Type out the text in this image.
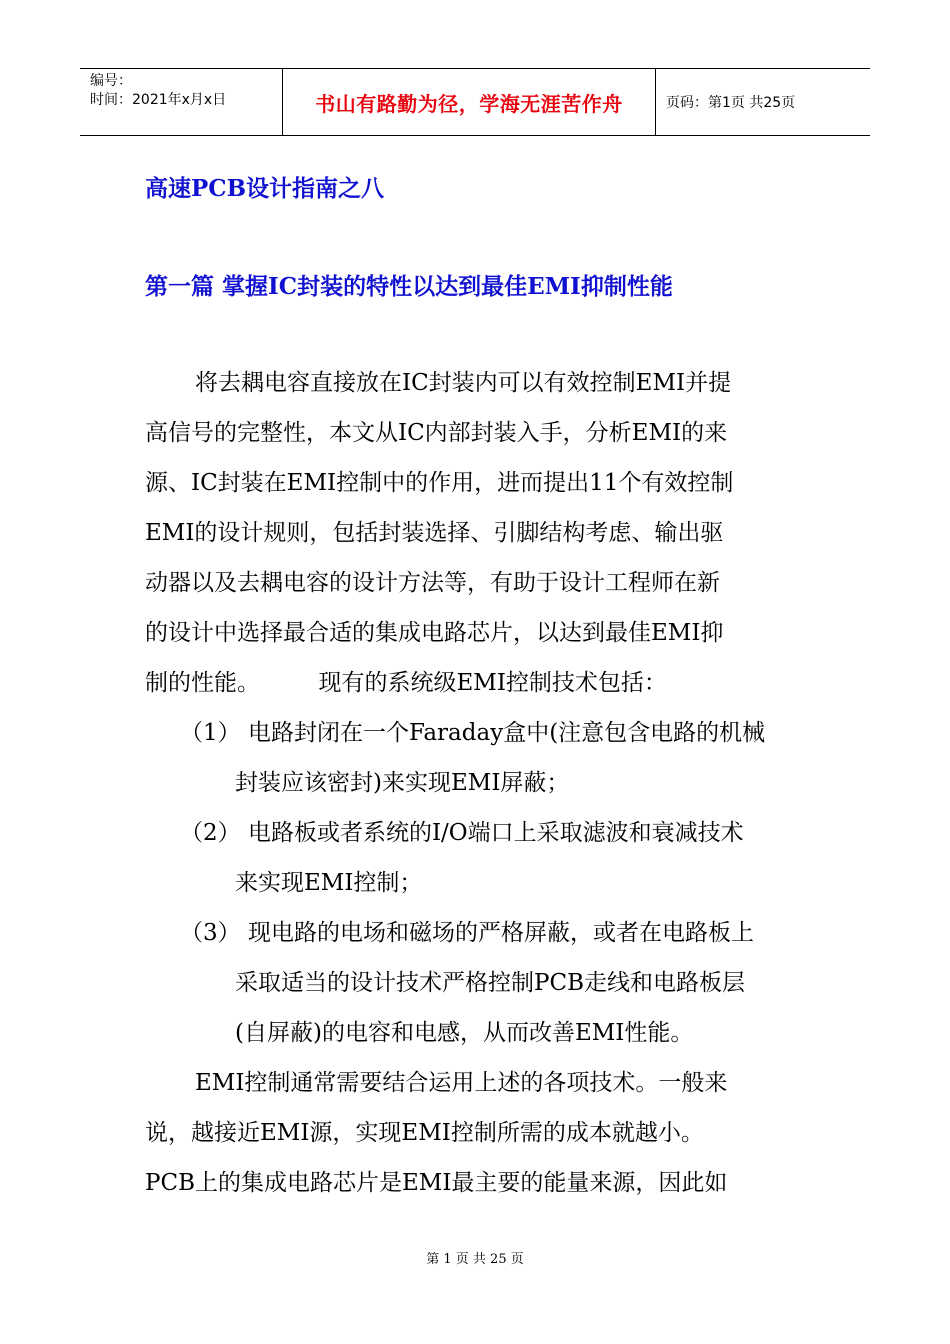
编号：
时间：2021年x月x日	书山有路勤为径，学海无涯苦作舟	页码：第1页 共25页
高速PCB设计指南之八
第一篇 掌握IC封装的特性以达到最佳EMI抑制性能
将去耦电容直接放在IC封装内可以有效控制EMI并提
高信号的完整性，本文从IC内部封装入手，分析EMI的来
源、IC封装在EMI控制中的作用，进而提出11个有效控制
EMI的设计规则，包括封装选择、引脚结构考虑、输出驱
动器以及去耦电容的设计方法等，有助于设计工程师在新
的设计中选择最合适的集成电路芯片，以达到最佳EMI抑
制的性能。        现有的系统级EMI控制技术包括：
（1） 电路封闭在一个Faraday盒中(注意包含电路的机械
封装应该密封)来实现EMI屏蔽；
（2） 电路板或者系统的I/O端口上采取滤波和衰减技术
来实现EMI控制；
（3） 现电路的电场和磁场的严格屏蔽，或者在电路板上
采取适当的设计技术严格控制PCB走线和电路板层
(自屏蔽)的电容和电感，从而改善EMI性能。
EMI控制通常需要结合运用上述的各项技术。一般来
说，越接近EMI源，实现EMI控制所需的成本就越小。
PCB上的集成电路芯片是EMI最主要的能量来源，因此如
第 1 页 共 25 页
